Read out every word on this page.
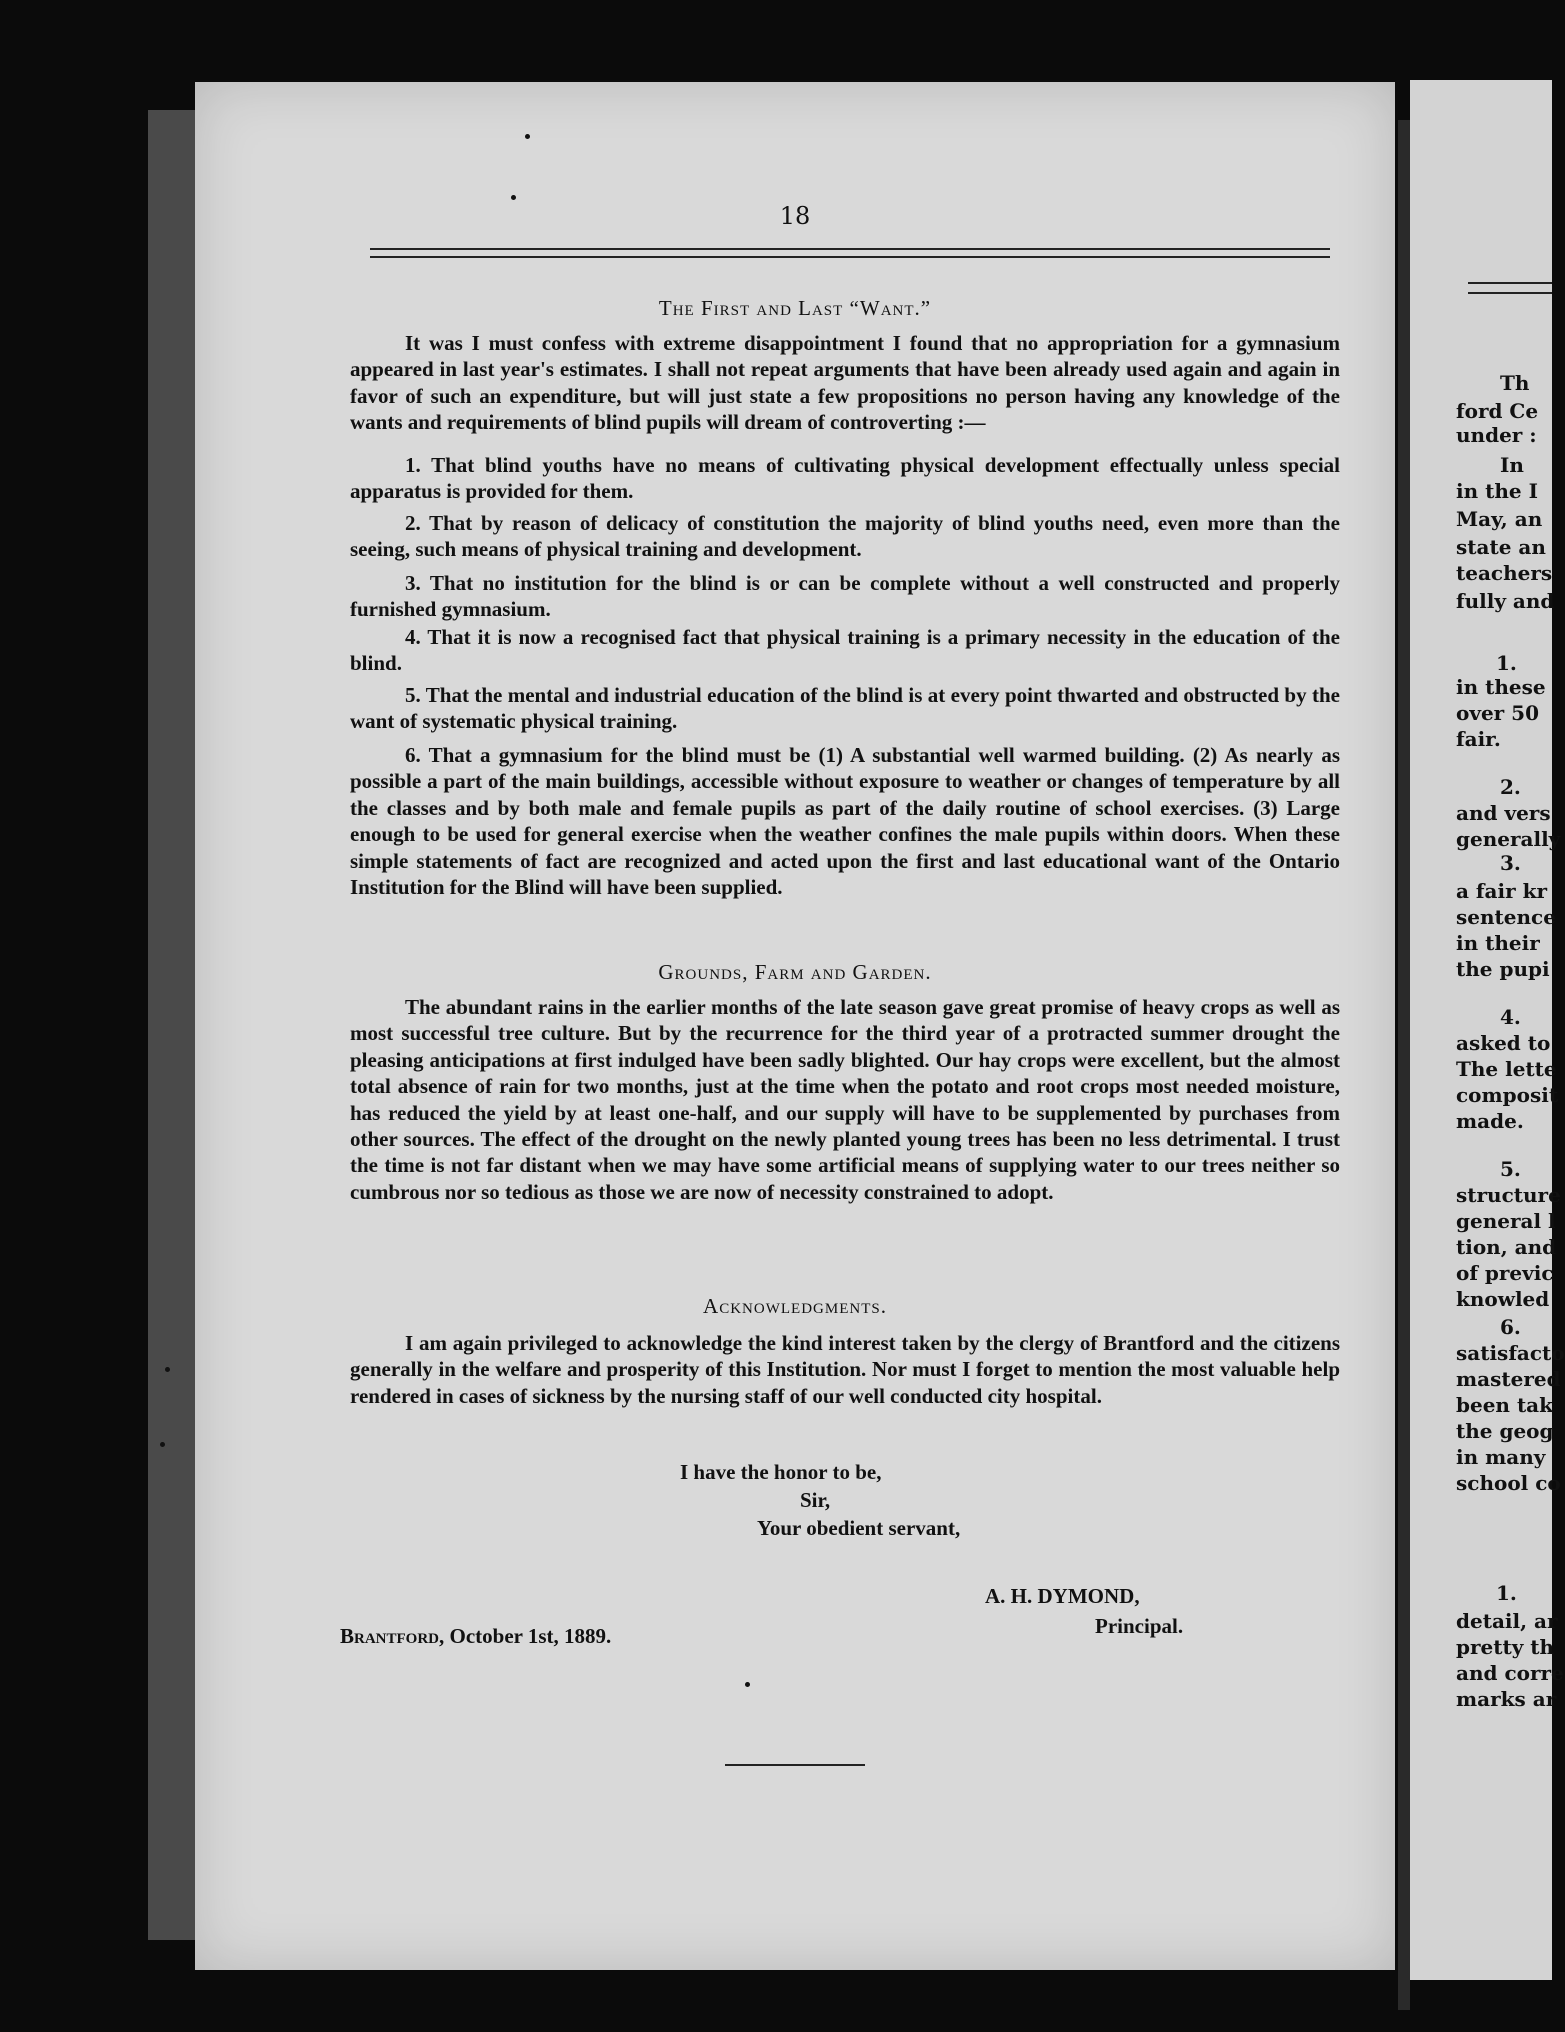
Th
ford Ce
under :
In
in the I
May, an
state an
teachers
fully and
1.
in these
over 50
fair.
2.
and vers
generally
3.
a fair kr
sentence
in their
the pupi
4.
asked to
The lette
composit
made.
5.
structure
general l
tion, and
of previc
knowled
6.
satisfacto
mastered
been tak
the geog
in many
school co
1.
detail, ar
pretty th
and corre
marks ar
18
The First and Last “Want.”

It was I must confess with extreme disappointment I found that no appropriation for a gymnasium appeared in last year's estimates. I shall not repeat arguments that have been already used again and again in favor of such an expenditure, but will just state a few propositions no person having any knowledge of the wants and requirements of blind pupils will dream of controverting :—

1. That blind youths have no means of cultivating physical development effectually unless special apparatus is provided for them.

2. That by reason of delicacy of constitution the majority of blind youths need, even more than the seeing, such means of physical training and development.

3. That no institution for the blind is or can be complete without a well constructed and properly furnished gymnasium.

4. That it is now a recognised fact that physical training is a primary necessity in the education of the blind.

5. That the mental and industrial education of the blind is at every point thwarted and obstructed by the want of systematic physical training.

6. That a gymnasium for the blind must be (1) A substantial well warmed building. (2) As nearly as possible a part of the main buildings, accessible without exposure to weather or changes of temperature by all the classes and by both male and female pupils as part of the daily routine of school exercises. (3) Large enough to be used for general exercise when the weather confines the male pupils within doors. When these simple statements of fact are recognized and acted upon the first and last educational want of the Ontario Institution for the Blind will have been supplied.

Grounds, Farm and Garden.

The abundant rains in the earlier months of the late season gave great promise of heavy crops as well as most successful tree culture. But by the recurrence for the third year of a protracted summer drought the pleasing anticipations at first indulged have been sadly blighted. Our hay crops were excellent, but the almost total absence of rain for two months, just at the time when the potato and root crops most needed moisture, has reduced the yield by at least one-half, and our supply will have to be supplemented by purchases from other sources. The effect of the drought on the newly planted young trees has been no less detrimental. I trust the time is not far distant when we may have some artificial means of supplying water to our trees neither so cumbrous nor so tedious as those we are now of necessity constrained to adopt.

Acknowledgments.

I am again privileged to acknowledge the kind interest taken by the clergy of Brantford and the citizens generally in the welfare and prosperity of this Institution. Nor must I forget to mention the most valuable help rendered in cases of sickness by the nursing staff of our well conducted city hospital.

I have the honor to be,
Sir,
Your obedient servant,
A. H. DYMOND,
Principal.
Brantford, October 1st, 1889.
